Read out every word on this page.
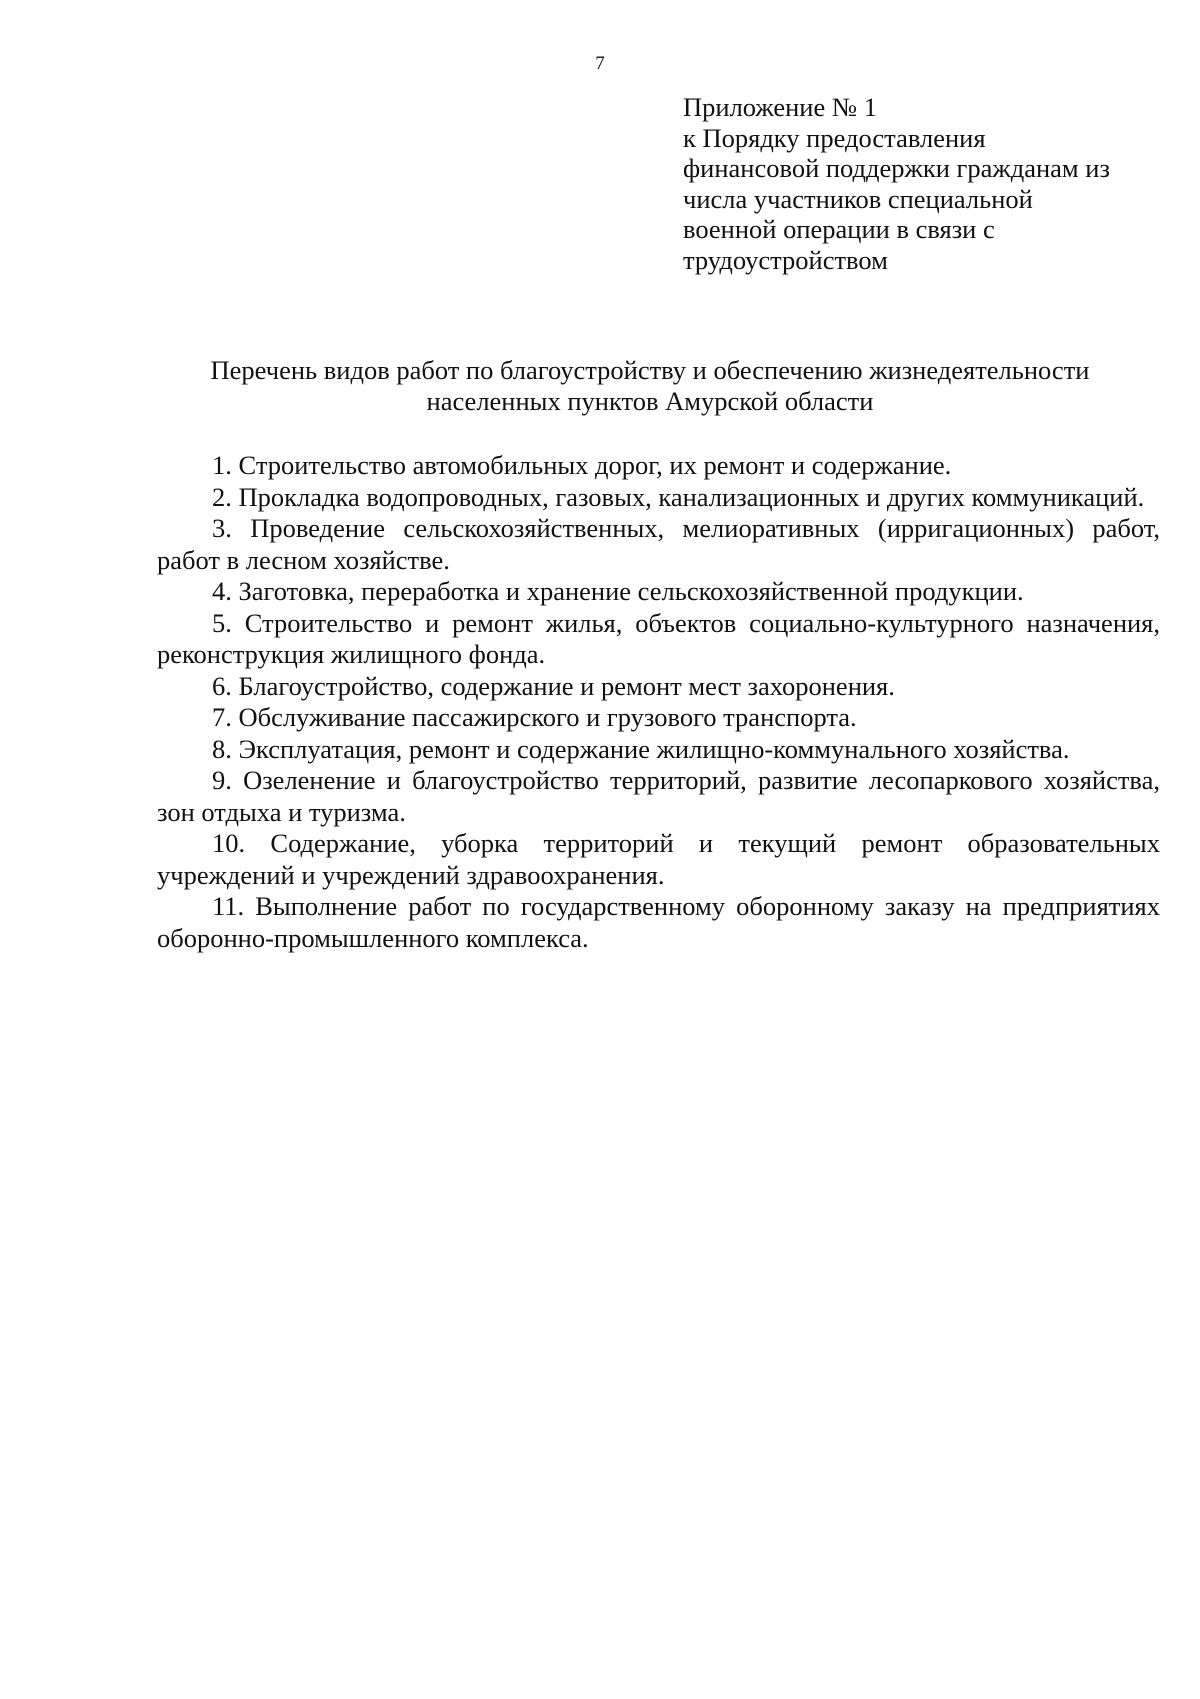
7
Приложение № 1
к Порядку предоставления
финансовой поддержки гражданам из
числа участников специальной
военной операции в связи с
трудоустройством
Перечень видов работ по благоустройству и обеспечению жизнедеятельности
населенных пунктов Амурской области

1. Строительство автомобильных дорог, их ремонт и содержание.

2. Прокладка водопроводных, газовых, канализационных и других коммуникаций.

3. Проведение сельскохозяйственных, мелиоративных (ирригационных) работ, работ в лесном хозяйстве.

4. Заготовка, переработка и хранение сельскохозяйственной продукции.

5. Строительство и ремонт жилья, объектов социально-культурного назначения, реконструкция жилищного фонда.

6. Благоустройство, содержание и ремонт мест захоронения.

7. Обслуживание пассажирского и грузового транспорта.

8. Эксплуатация, ремонт и содержание жилищно-коммунального хозяйства.

9. Озеленение и благоустройство территорий, развитие лесопаркового хозяйства, зон отдыха и туризма.

10. Содержание, уборка территорий и текущий ремонт образовательных учреждений и учреждений здравоохранения.

11. Выполнение работ по государственному оборонному заказу на предприятиях оборонно-промышленного комплекса.
